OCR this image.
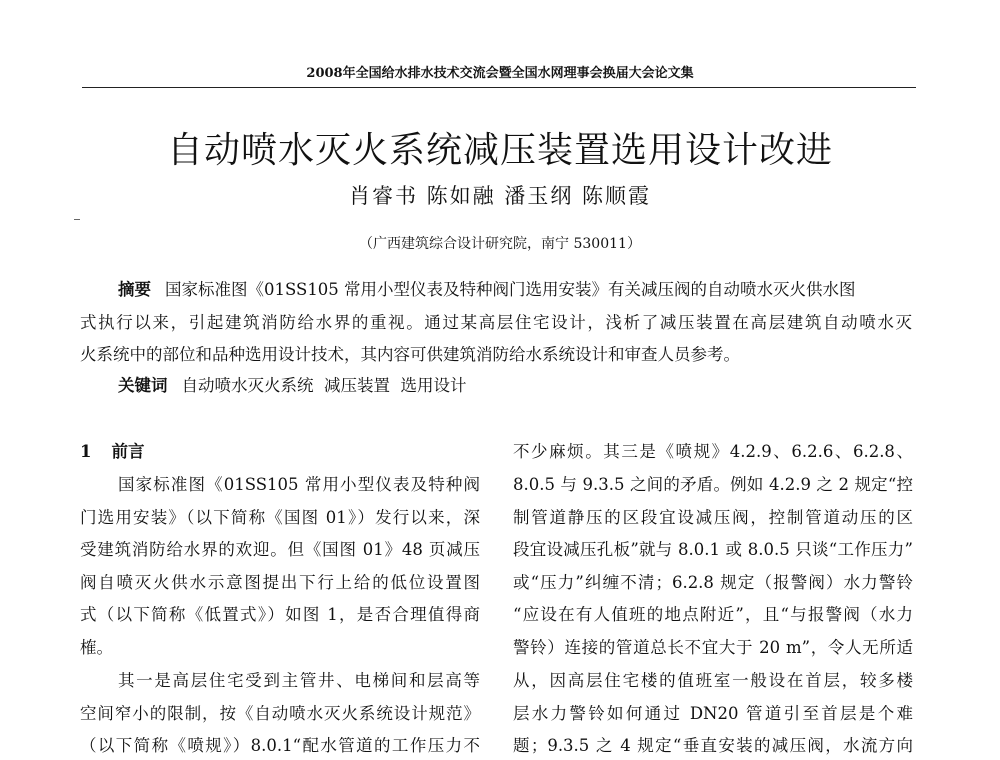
2008年全国给水排水技术交流会暨全国水网理事会换届大会论文集
自动喷水灭火系统减压装置选用设计改进
肖睿书 陈如融 潘玉纲 陈顺霞
（广西建筑综合设计研究院，南宁 530011）
摘要 国家标准图《01SS105 常用小型仪表及特种阀门选用安装》有关减压阀的自动喷水灭火供水图
式执行以来，引起建筑消防给水界的重视。通过某高层住宅设计，浅析了减压装置在高层建筑自动喷水灭
火系统中的部位和品种选用设计技术，其内容可供建筑消防给水系统设计和审查人员参考。
关键词 自动喷水灭火系统  减压装置  选用设计
1 前言
国家标准图《01SS105 常用小型仪表及特种阀
门选用安装》（以下简称《国图 01》）发行以来，深
受建筑消防给水界的欢迎。但《国图 01》48 页减压
阀自喷灭火供水示意图提出下行上给的低位设置图
式（以下简称《低置式》）如图 1，是否合理值得商
榷。
其一是高层住宅受到主管井、电梯间和层高等
空间窄小的限制，按《自动喷水灭火系统设计规范》
（以下简称《喷规》）8.0.1“配水管道的工作压力不
不少麻烦。其三是《喷规》4.2.9、6.2.6、6.2.8、
8.0.5 与 9.3.5 之间的矛盾。例如 4.2.9 之 2 规定“控
制管道静压的区段宜设减压阀，控制管道动压的区
段宜设减压孔板”就与 8.0.1 或 8.0.5 只谈“工作压力”
或“压力”纠缠不清；6.2.8 规定（报警阀）水力警铃
“应设在有人值班的地点附近”，且“与报警阀（水力
警铃）连接的管道总长不宜大于 20 m”，令人无所适
从，因高层住宅楼的值班室一般设在首层，较多楼
层水力警铃如何通过 DN20 管道引至首层是个难
题；9.3.5 之 4 规定“垂直安装的减压阀，水流方向
